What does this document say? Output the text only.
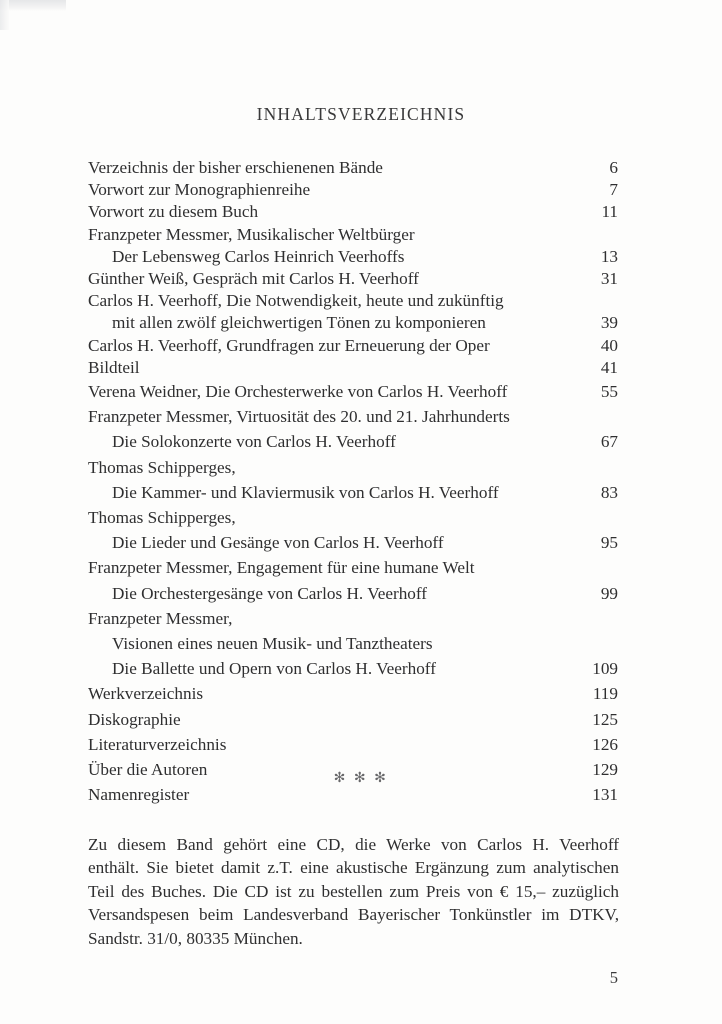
INHALTSVERZEICHNIS
Verzeichnis der bisher erschienenen Bände	6
Vorwort zur Monographienreihe	7
Vorwort zu diesem Buch	11
Franzpeter Messmer, Musikalischer Weltbürger
Der Lebensweg Carlos Heinrich Veerhoffs	13
Günther Weiß, Gespräch mit Carlos H. Veerhoff	31
Carlos H. Veerhoff, Die Notwendigkeit, heute und zukünftig
mit allen zwölf gleichwertigen Tönen zu komponieren	39
Carlos H. Veerhoff, Grundfragen zur Erneuerung der Oper	40
Bildteil	41
Verena Weidner, Die Orchesterwerke von Carlos H. Veerhoff	55
Franzpeter Messmer, Virtuosität des 20. und 21. Jahrhunderts
Die Solokonzerte von Carlos H. Veerhoff	67
Thomas Schipperges,
Die Kammer- und Klaviermusik von Carlos H. Veerhoff	83
Thomas Schipperges,
Die Lieder und Gesänge von Carlos H. Veerhoff	95
Franzpeter Messmer, Engagement für eine humane Welt
Die Orchestergesänge von Carlos H. Veerhoff	99
Franzpeter Messmer,
Visionen eines neuen Musik- und Tanztheaters
Die Ballette und Opern von Carlos H. Veerhoff	109
Werkverzeichnis	119
Diskographie	125
Literaturverzeichnis	126
Über die Autoren	129
Namenregister	131
✻ ✻ ✻
Zu diesem Band gehört eine CD, die Werke von Carlos H. Veerhoff
enthält. Sie bietet damit z.T. eine akustische Ergänzung zum analytischen
Teil des Buches. Die CD ist zu bestellen zum Preis von € 15,– zuzüglich
Versandspesen beim Landesverband Bayerischer Tonkünstler im DTKV,
Sandstr. 31/0, 80335 München.
5
